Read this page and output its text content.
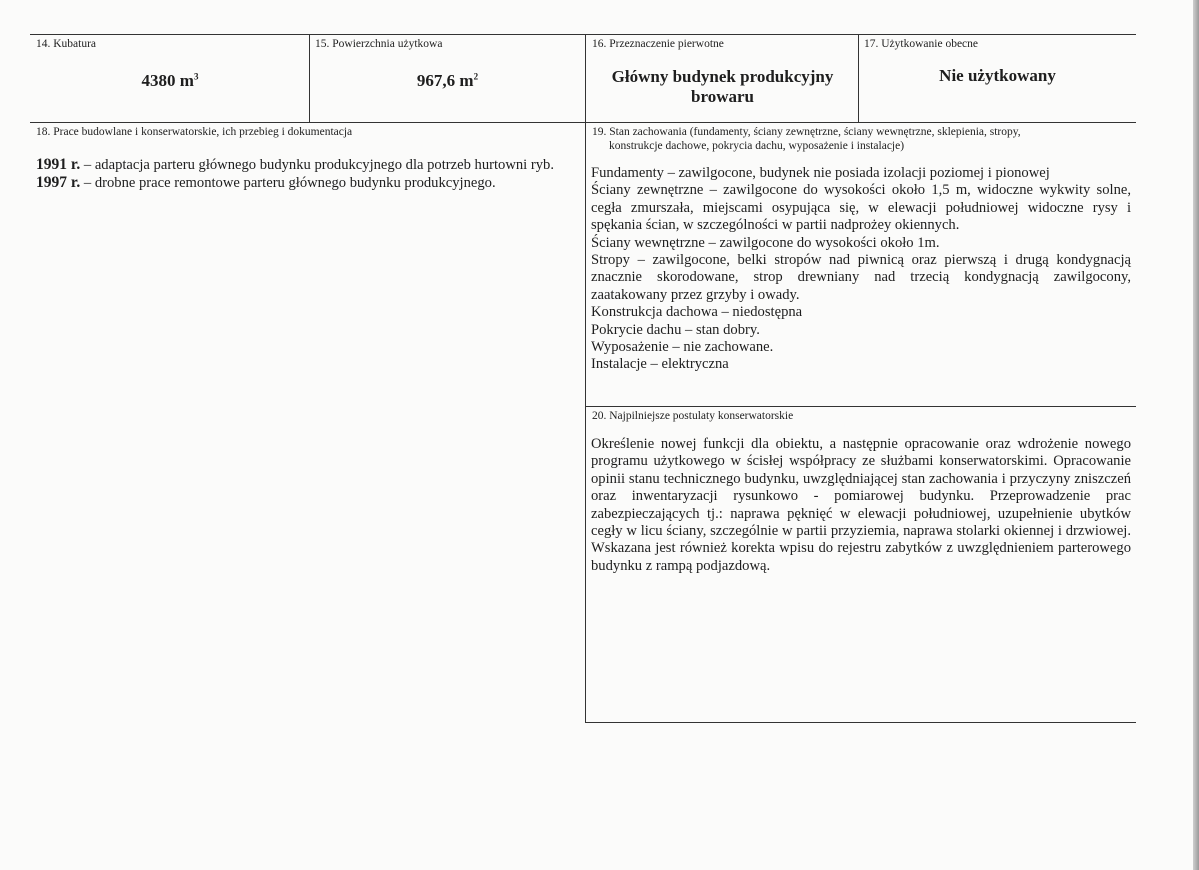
14. Kubatura
4380 $m^3$
15. Powierzchnia użytkowa
967,6 $m^2$
16. Przeznaczenie pierwotne
Główny budynek produkcyjny browaru
17. Użytkowanie obecne
Nie użytkowany
18. Prace budowlane i konserwatorskie, ich przebieg i dokumentacja

1991 r. – adaptacja parteru głównego budynku produkcyjnego dla potrzeb hurtowni ryb.

1997 r. – drobne prace remontowe parteru głównego budynku produkcyjnego.

19. Stan zachowania (fundamenty, ściany zewnętrzne, ściany wewnętrzne, sklepienia, stropy,
konstrukcje dachowe, pokrycia dachu, wyposażenie i instalacje)

Fundamenty – zawilgocone, budynek nie posiada izolacji poziomej i pionowej

Ściany zewnętrzne – zawilgocone do wysokości około 1,5 m, widoczne wykwity solne, cegła zmurszała, miejscami osypująca się, w elewacji południowej widoczne rysy i spękania ścian, w szczególności w partii nadprożey okiennych.

Ściany wewnętrzne – zawilgocone do wysokości około 1m.

Stropy – zawilgocone, belki stropów nad piwnicą oraz pierwszą i drugą kondygnacją znacznie skorodowane, strop drewniany nad trzecią kondygnacją zawilgocony, zaatakowany przez grzyby i owady.

Konstrukcja dachowa – niedostępna

Pokrycie dachu – stan dobry.

Wyposażenie – nie zachowane.

Instalacje – elektryczna

20. Najpilniejsze postulaty konserwatorskie
Określenie nowej funkcji dla obiektu, a następnie opracowanie oraz wdrożenie nowego programu użytkowego w ścisłej współpracy ze służbami konserwatorskimi. Opracowanie opinii stanu technicznego budynku, uwzględniającej stan zachowania i przyczyny zniszczeń oraz inwentaryzacji rysunkowo - pomiarowej budynku. Przeprowadzenie prac zabezpieczających tj.: naprawa pęknięć w elewacji południowej, uzupełnienie ubytków cegły w licu ściany, szczególnie w partii przyziemia, naprawa stolarki okiennej i drzwiowej. Wskazana jest również korekta wpisu do rejestru zabytków z uwzględnieniem parterowego budynku z rampą podjazdową.
